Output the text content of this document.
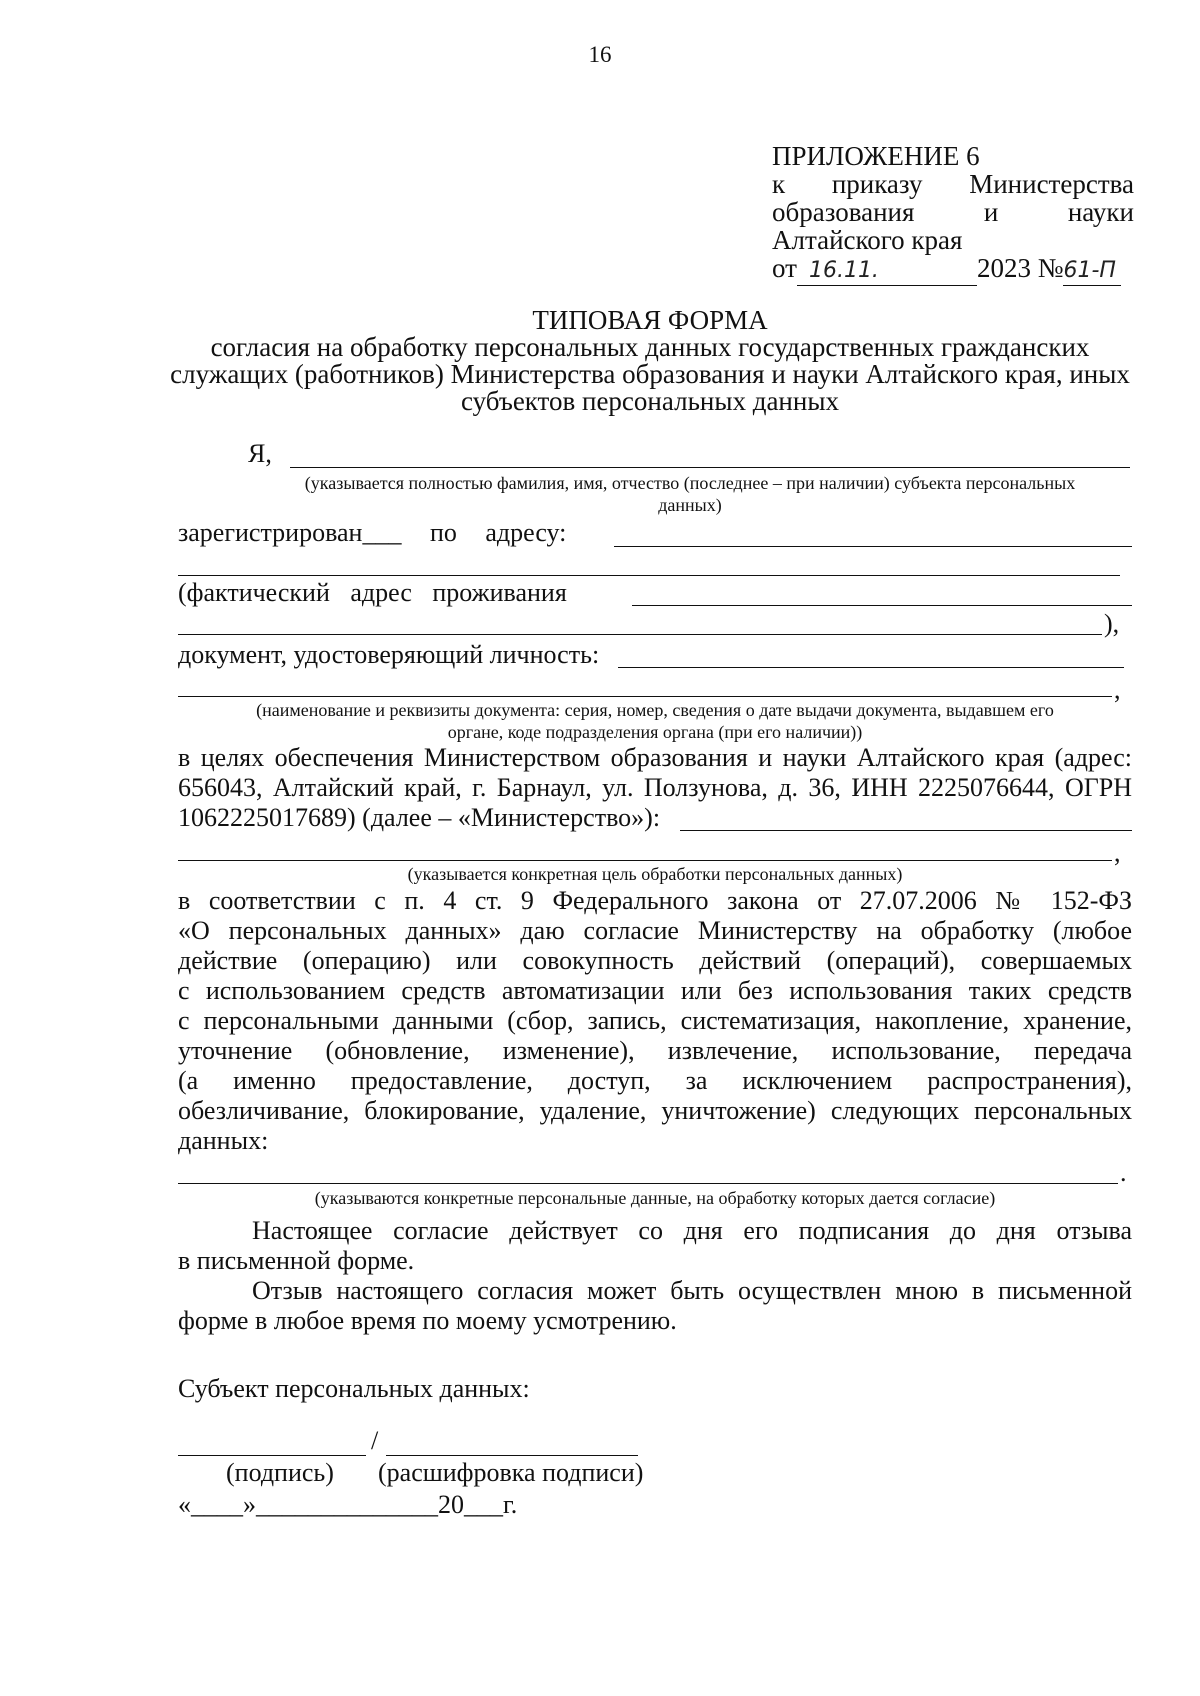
16
ПРИЛОЖЕНИЕ 6
к приказу Министерства
образования и науки
Алтайского края
от 16.11.	2023 № 61-П
ТИПОВАЯ ФОРМА
согласия на обработку персональных данных государственных гражданских
служащих (работников) Министерства образования и науки Алтайского края, иных
субъектов персональных данных
Я,
(указывается полностью фамилия, имя, отчество (последнее – при наличии) субъекта персональных
данных)
зарегистрирован___ по адресу:
(фактический адрес проживания
),
документ, удостоверяющий личность:
,
(наименование и реквизиты документа: серия, номер, сведения о дате выдачи документа, выдавшем его
органе, коде подразделения органа (при его наличии))
в целях обеспечения Министерством образования и науки Алтайского края (адрес:
656043, Алтайский край, г. Барнаул, ул. Ползунова, д. 36, ИНН 2225076644, ОГРН
1062225017689) (далее – «Министерство»):
,
(указывается конкретная цель обработки персональных данных)
в соответствии с п. 4 ст. 9 Федерального закона от 27.07.2006 № 152-ФЗ
«О персональных данных» даю согласие Министерству на обработку (любое
действие (операцию) или совокупность действий (операций), совершаемых
с использованием средств автоматизации или без использования таких средств
с персональными данными (сбор, запись, систематизация, накопление, хранение,
уточнение (обновление, изменение), извлечение, использование, передача
(а именно предоставление, доступ, за исключением распространения),
обезличивание, блокирование, удаление, уничтожение) следующих персональных
данных:
.
(указываются конкретные персональные данные, на обработку которых дается согласие)
Настоящее согласие действует со дня его подписания до дня отзыва
в письменной форме.
Отзыв настоящего согласия может быть осуществлен мною в письменной
форме в любое время по моему усмотрению.
Субъект персональных данных:
/
(подпись) (расшифровка подписи)
«____»______________20___г.
